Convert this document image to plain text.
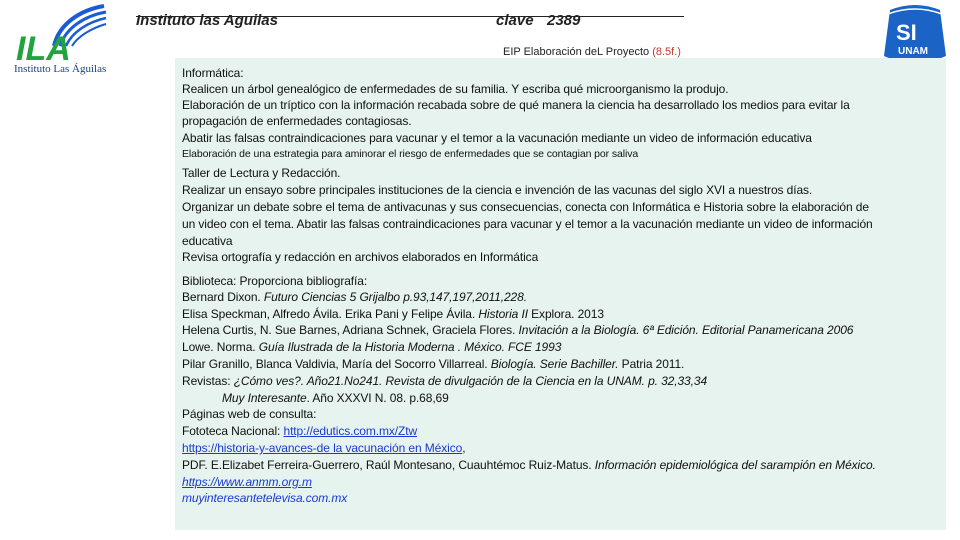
ILA
Instituto Las Águilas
SI
UNAM
Instituto las Aguilas	clave 2389
EIP Elaboración deL Proyecto (8.5f.)
Informática:
Realicen un árbol genealógico de enfermedades de su familia. Y escriba qué microorganismo la produjo.
Elaboración de un tríptico con la información recabada sobre de qué manera la ciencia ha desarrollado los medios para evitar la
propagación de enfermedades contagiosas.
Abatir las falsas contraindicaciones para vacunar y el temor a la vacunación mediante un video de información educativa
Elaboración de una estrategia para aminorar el riesgo de enfermedades que se contagian por saliva
Taller de Lectura y Redacción.
Realizar un ensayo sobre principales instituciones de la ciencia e invención de las vacunas del siglo XVI a nuestros días.
Organizar un debate sobre el tema de antivacunas y sus consecuencias, conecta con Informática e Historia sobre la elaboración de
un video con el tema. Abatir las falsas contraindicaciones para vacunar y el temor a la vacunación mediante un video de información
educativa
Revisa ortografía y redacción en archivos elaborados en Informática
Biblioteca: Proporciona bibliografía:
Bernard Dixon. Futuro Ciencias 5 Grijalbo p.93,147,197,2011,228.
Elisa Speckman, Alfredo Ávila. Erika Pani y Felipe Ávila. Historia II Explora. 2013
Helena Curtis, N. Sue Barnes, Adriana Schnek, Graciela Flores. Invitación a la Biología. 6ª Edición. Editorial Panamericana 2006
Lowe. Norma. Guía Ilustrada de la Historia Moderna . México. FCE 1993
Pilar Granillo, Blanca Valdivia, María del Socorro Villarreal. Biología. Serie Bachiller. Patria 2011.
Revistas: ¿Cómo ves?. Año21.No241. Revista de divulgación de la Ciencia en la UNAM. p. 32,33,34
Muy Interesante. Año XXXVI N. 08. p.68,69
Páginas web de consulta:
Fototeca Nacional: http://edutics.com.mx/Ztw
https://historia-y-avances-de la vacunación en México,
PDF. E.Elizabet Ferreira-Guerrero, Raúl Montesano, Cuauhtémoc Ruiz-Matus. Información epidemiológica del sarampión en México.
https://www.anmm.org.m
muyinteresantetelevisa.com.mx
